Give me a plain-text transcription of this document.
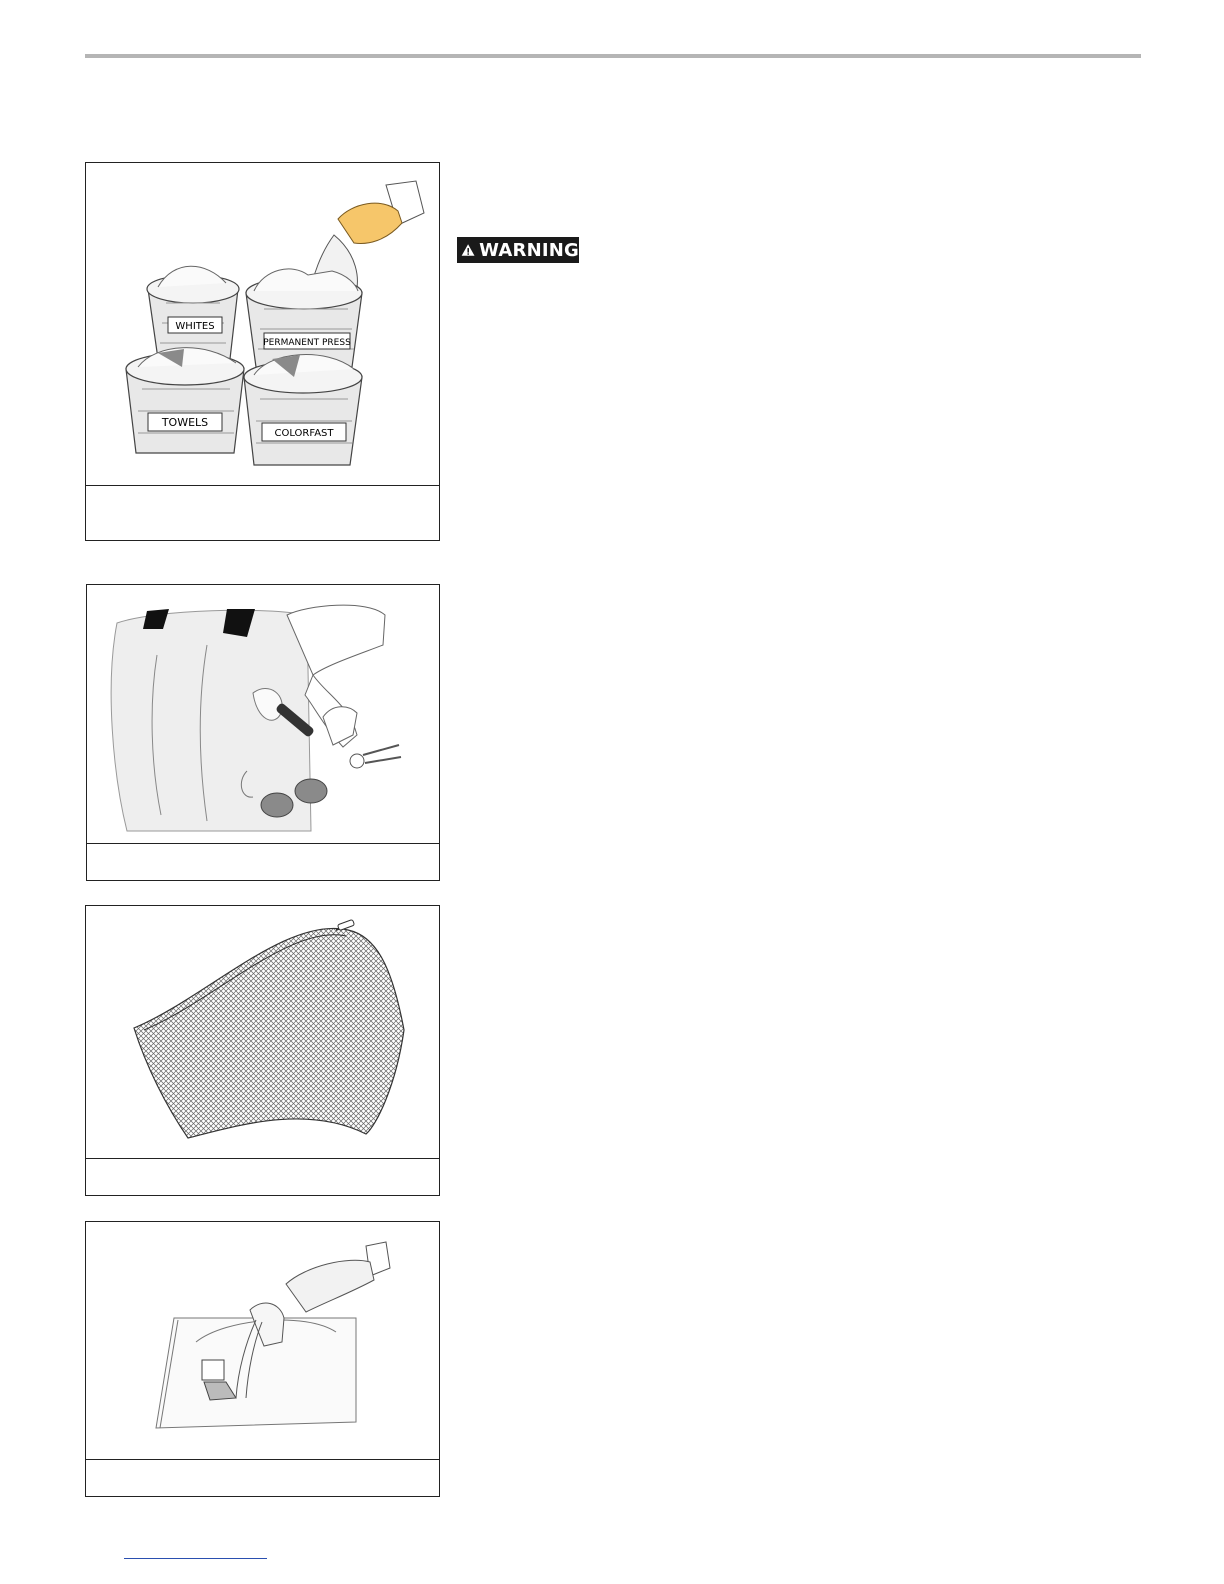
WHITES
PERMANENT PRESS
TOWELS
COLORFAST
WARNING
